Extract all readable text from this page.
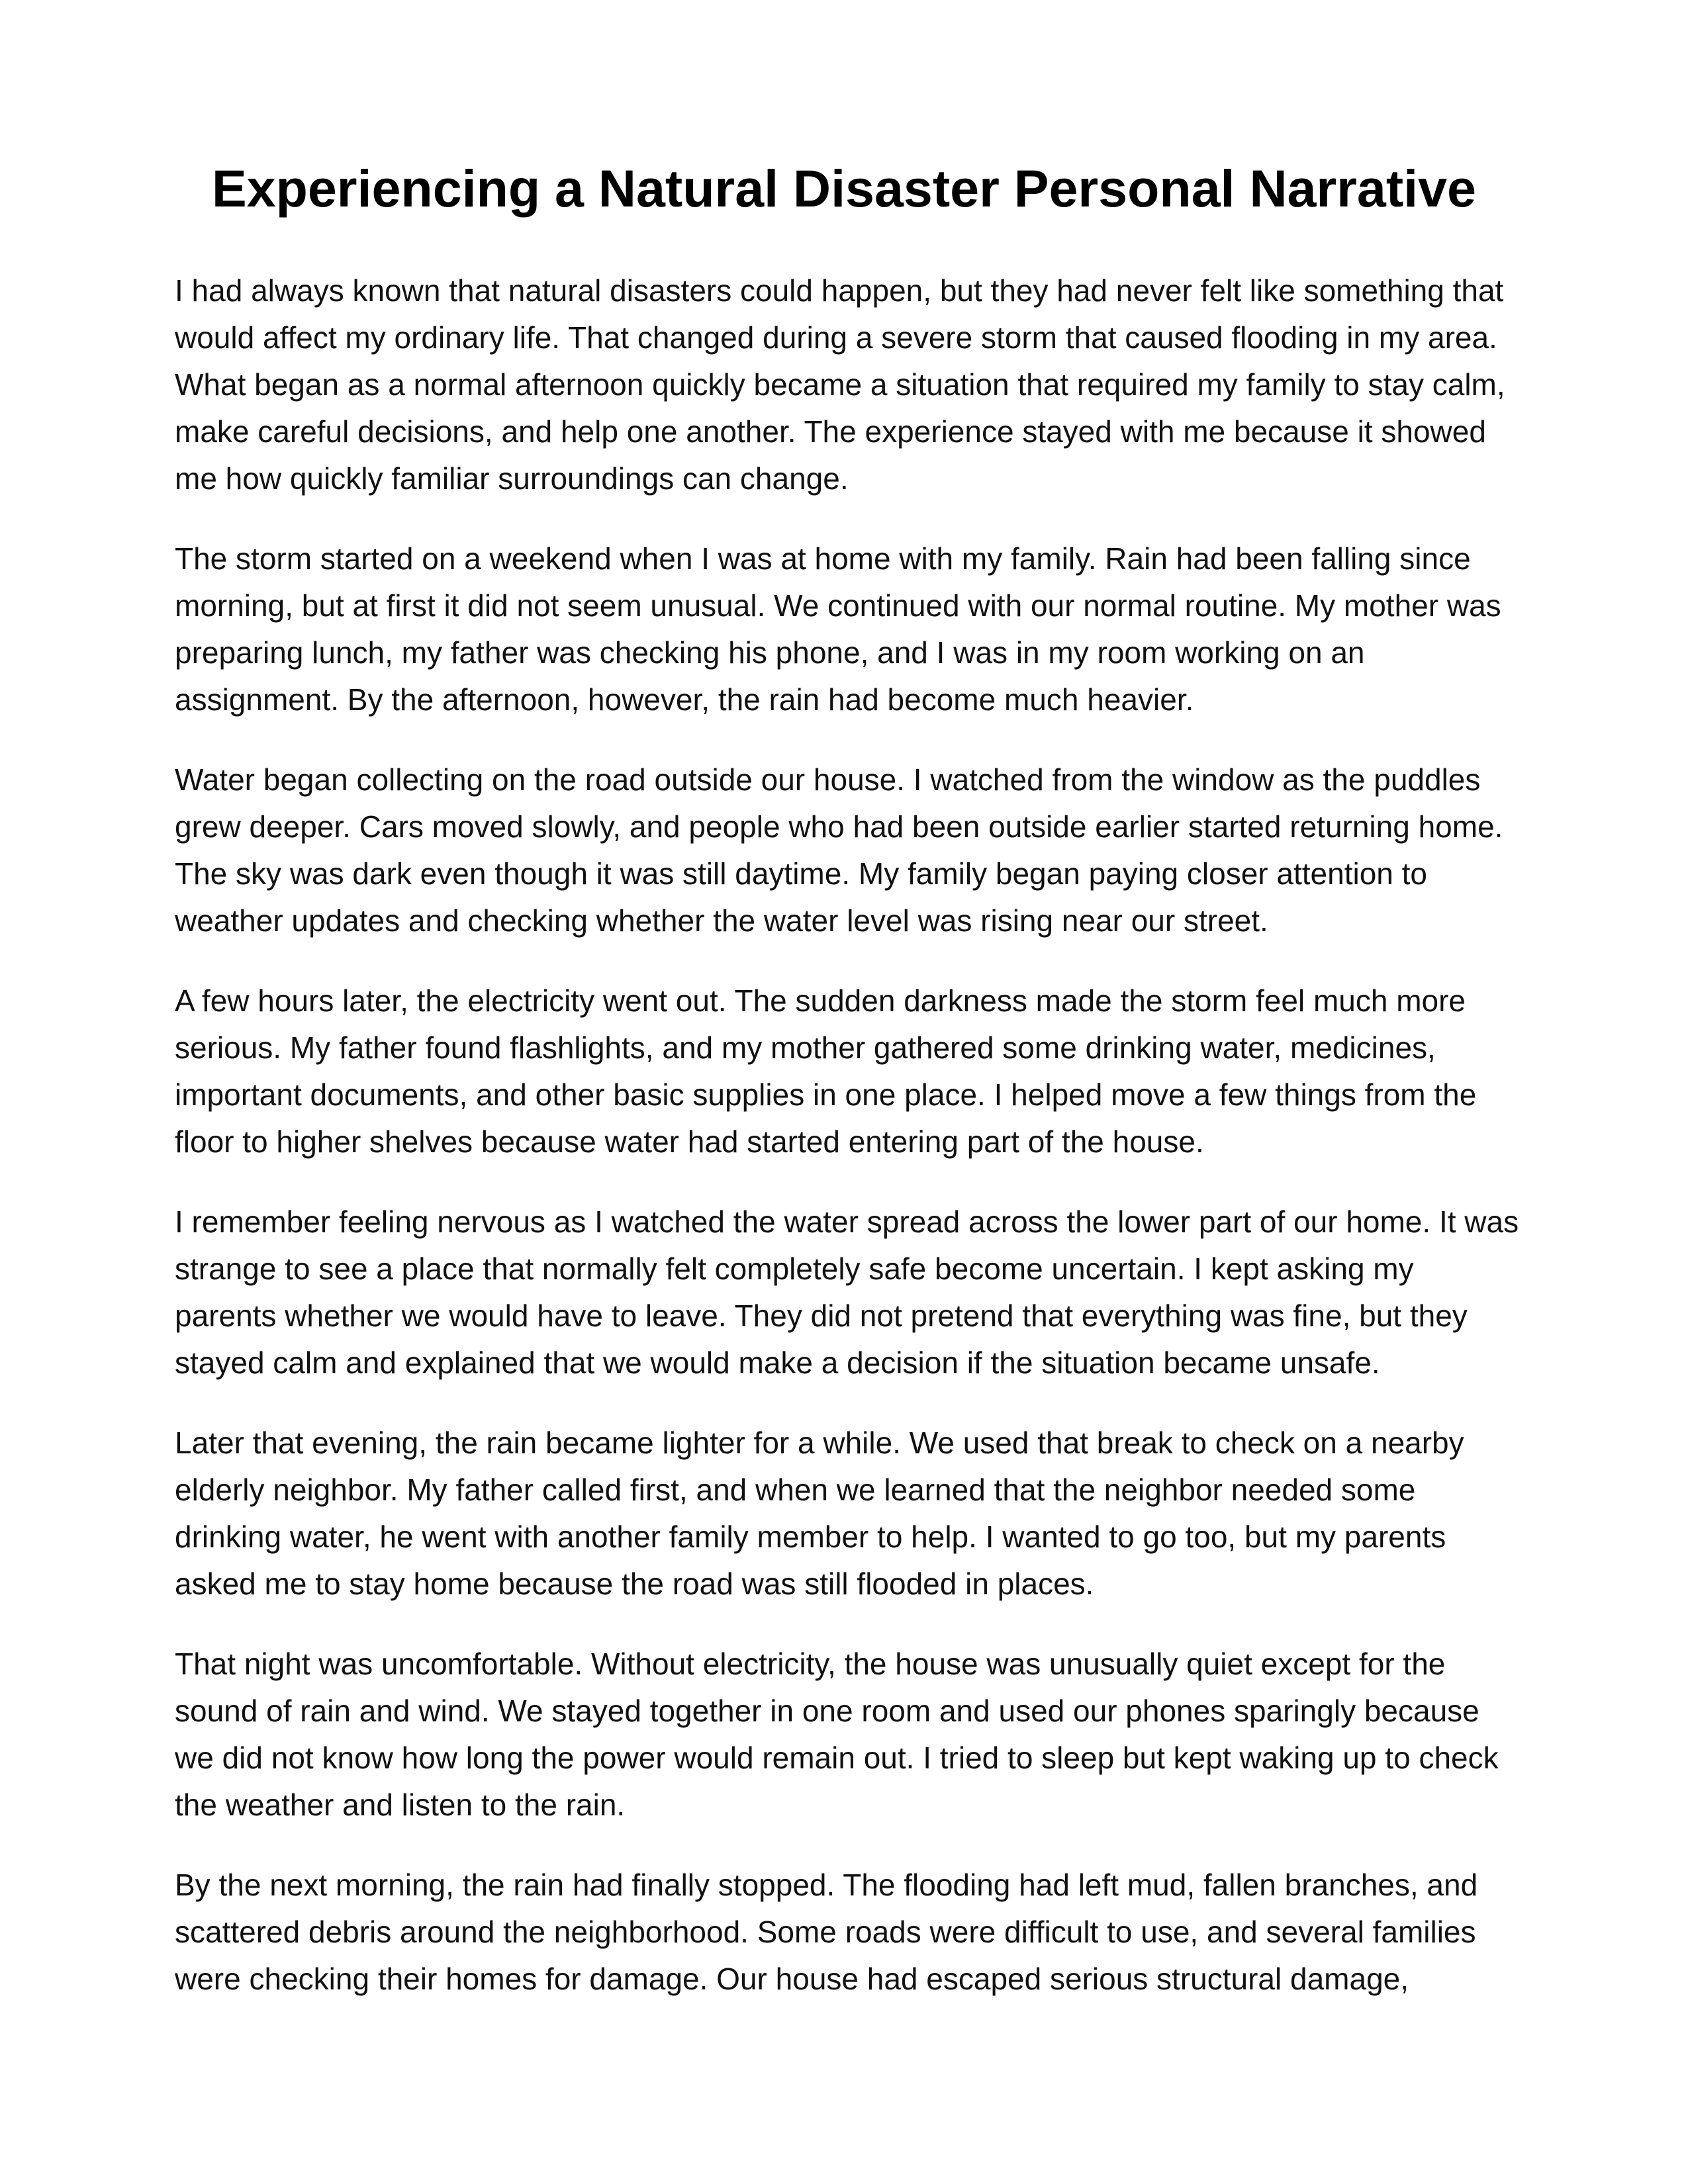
Experiencing a Natural Disaster Personal Narrative

I had always known that natural disasters could happen, but they had never felt like something that
would affect my ordinary life. That changed during a severe storm that caused flooding in my area.
What began as a normal afternoon quickly became a situation that required my family to stay calm,
make careful decisions, and help one another. The experience stayed with me because it showed
me how quickly familiar surroundings can change.

The storm started on a weekend when I was at home with my family. Rain had been falling since
morning, but at first it did not seem unusual. We continued with our normal routine. My mother was
preparing lunch, my father was checking his phone, and I was in my room working on an
assignment. By the afternoon, however, the rain had become much heavier.

Water began collecting on the road outside our house. I watched from the window as the puddles
grew deeper. Cars moved slowly, and people who had been outside earlier started returning home.
The sky was dark even though it was still daytime. My family began paying closer attention to
weather updates and checking whether the water level was rising near our street.

A few hours later, the electricity went out. The sudden darkness made the storm feel much more
serious. My father found flashlights, and my mother gathered some drinking water, medicines,
important documents, and other basic supplies in one place. I helped move a few things from the
floor to higher shelves because water had started entering part of the house.

I remember feeling nervous as I watched the water spread across the lower part of our home. It was
strange to see a place that normally felt completely safe become uncertain. I kept asking my
parents whether we would have to leave. They did not pretend that everything was fine, but they
stayed calm and explained that we would make a decision if the situation became unsafe.

Later that evening, the rain became lighter for a while. We used that break to check on a nearby
elderly neighbor. My father called first, and when we learned that the neighbor needed some
drinking water, he went with another family member to help. I wanted to go too, but my parents
asked me to stay home because the road was still flooded in places.

That night was uncomfortable. Without electricity, the house was unusually quiet except for the
sound of rain and wind. We stayed together in one room and used our phones sparingly because
we did not know how long the power would remain out. I tried to sleep but kept waking up to check
the weather and listen to the rain.

By the next morning, the rain had finally stopped. The flooding had left mud, fallen branches, and
scattered debris around the neighborhood. Some roads were difficult to use, and several families
were checking their homes for damage. Our house had escaped serious structural damage,
